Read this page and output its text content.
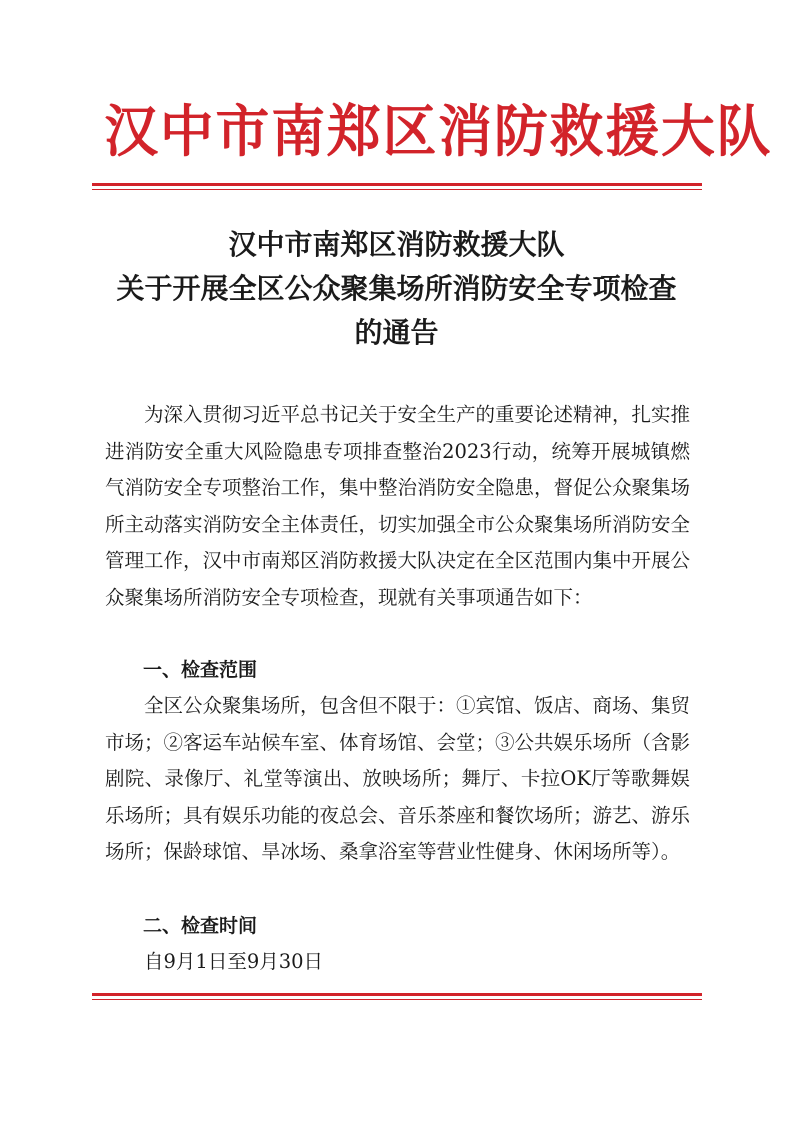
汉中市南郑区消防救援大队
汉中市南郑区消防救援大队
关于开展全区公众聚集场所消防安全专项检查
的通告
为深入贯彻习近平总书记关于安全生产的重要论述精神，扎实推进消防安全重大风险隐患专项排查整治2023行动，统筹开展城镇燃气消防安全专项整治工作，集中整治消防安全隐患，督促公众聚集场所主动落实消防安全主体责任，切实加强全市公众聚集场所消防安全管理工作，汉中市南郑区消防救援大队决定在全区范围内集中开展公众聚集场所消防安全专项检查，现就有关事项通告如下：
一、检查范围
全区公众聚集场所，包含但不限于：①宾馆、饭店、商场、集贸市场；②客运车站候车室、体育场馆、会堂；③公共娱乐场所（含影剧院、录像厅、礼堂等演出、放映场所；舞厅、卡拉OK厅等歌舞娱乐场所；具有娱乐功能的夜总会、音乐茶座和餐饮场所；游艺、游乐场所；保龄球馆、旱冰场、桑拿浴室等营业性健身、休闲场所等）。
二、检查时间
自9月1日至9月30日
